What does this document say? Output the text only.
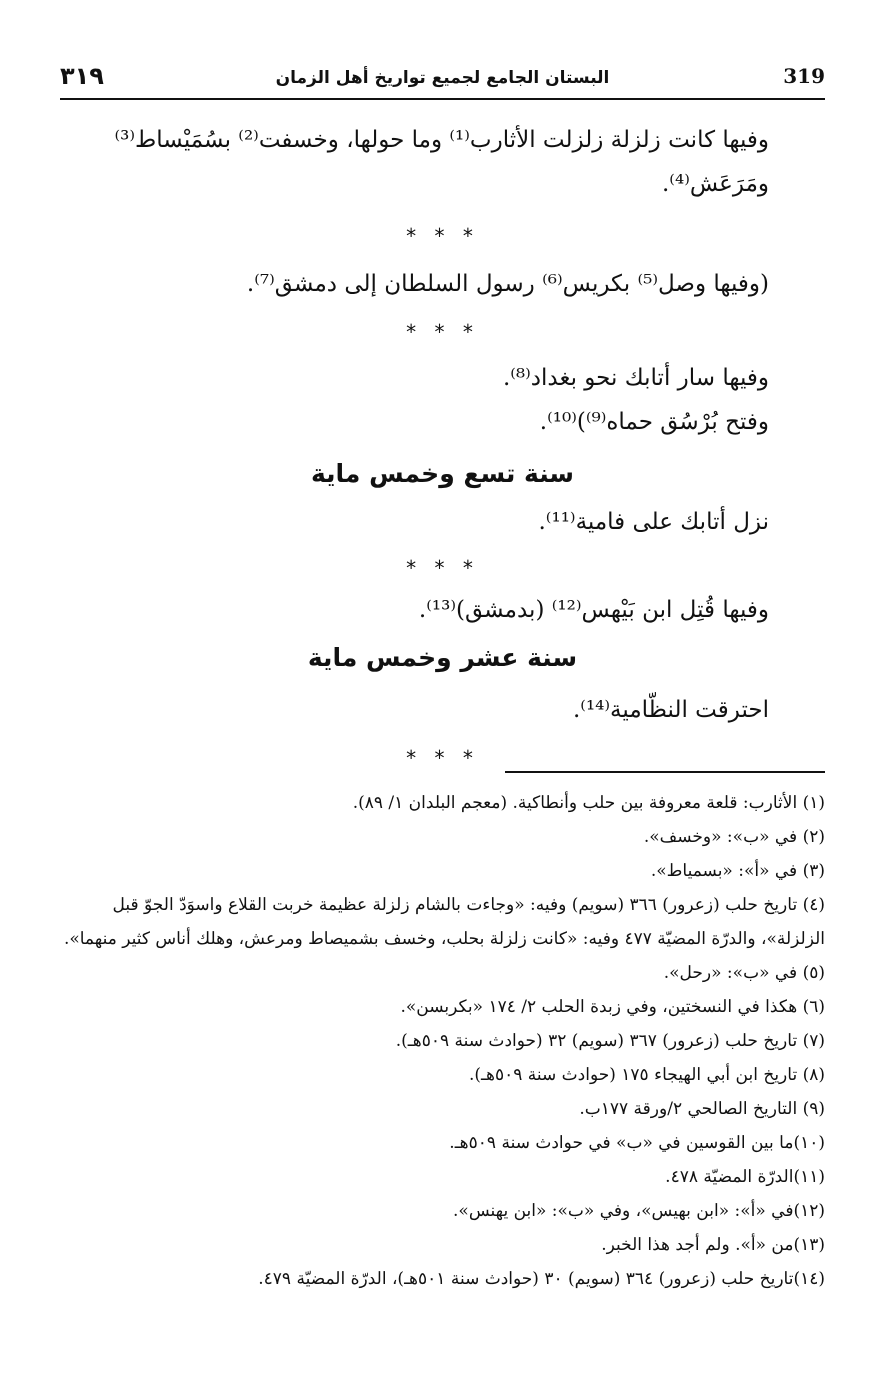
٣١٩	البستان الجامع لجميع تواريخ أهل الزمان	319

وفيها كانت زلزلة زلزلت الأثارب⁽¹⁾ وما حولها، وخسفت⁽²⁾ بسُمَيْساط⁽³⁾ ومَرَعَش⁽⁴⁾.

* * *

(وفيها وصل⁽⁵⁾ بكريس⁽⁶⁾ رسول السلطان إلى دمشق⁽⁷⁾.

* * *

وفيها سار أتابك نحو بغداد⁽⁸⁾.

وفتح بُرْسُق حماه⁽⁹⁾)⁽¹⁰⁾.

سنة تسع وخمس ماية

نزل أتابك على فامية⁽¹¹⁾.

* * *

وفيها قُتِل ابن بَيْهس⁽¹²⁾ (بدمشق)⁽¹³⁾.

سنة عشر وخمس ماية

احترقت النظّامية⁽¹⁴⁾.

* * *

(١) الأثارب: قلعة معروفة بين حلب وأنطاكية. (معجم البلدان ١/ ٨٩).

(٢) في «ب»: «وخسف».

(٣) في «أ»: «بسمياط».

(٤) تاريخ حلب (زعرور) ٣٦٦ (سويم) وفيه: «وجاءت بالشام زلزلة عظيمة خربت القلاع واسوَدّ الجوّ قبل الزلزلة»، والدرّة المضيّة ٤٧٧ وفيه: «كانت زلزلة بحلب، وخسف بشميصاط ومرعش، وهلك أناس كثير منهما».

(٥) في «ب»: «رحل».

(٦) هكذا في النسختين، وفي زبدة الحلب ٢/ ١٧٤ «بكربسن».

(٧) تاريخ حلب (زعرور) ٣٦٧ (سويم) ٣٢ (حوادث سنة ٥٠٩هـ).

(٨) تاريخ ابن أبي الهيجاء ١٧٥ (حوادث سنة ٥٠٩هـ).

(٩) التاريخ الصالحي ٢/ورقة ١٧٧ب.

(١٠)ما بين القوسين في «ب» في حوادث سنة ٥٠٩هـ.

(١١)الدرّة المضيّة ٤٧٨.

(١٢)في «أ»: «ابن بهيس»، وفي «ب»: «ابن يهنس».

(١٣)من «أ». ولم أجد هذا الخبر.

(١٤)تاريخ حلب (زعرور) ٣٦٤ (سويم) ٣٠ (حوادث سنة ٥٠١هـ)، الدرّة المضيّة ٤٧٩.
